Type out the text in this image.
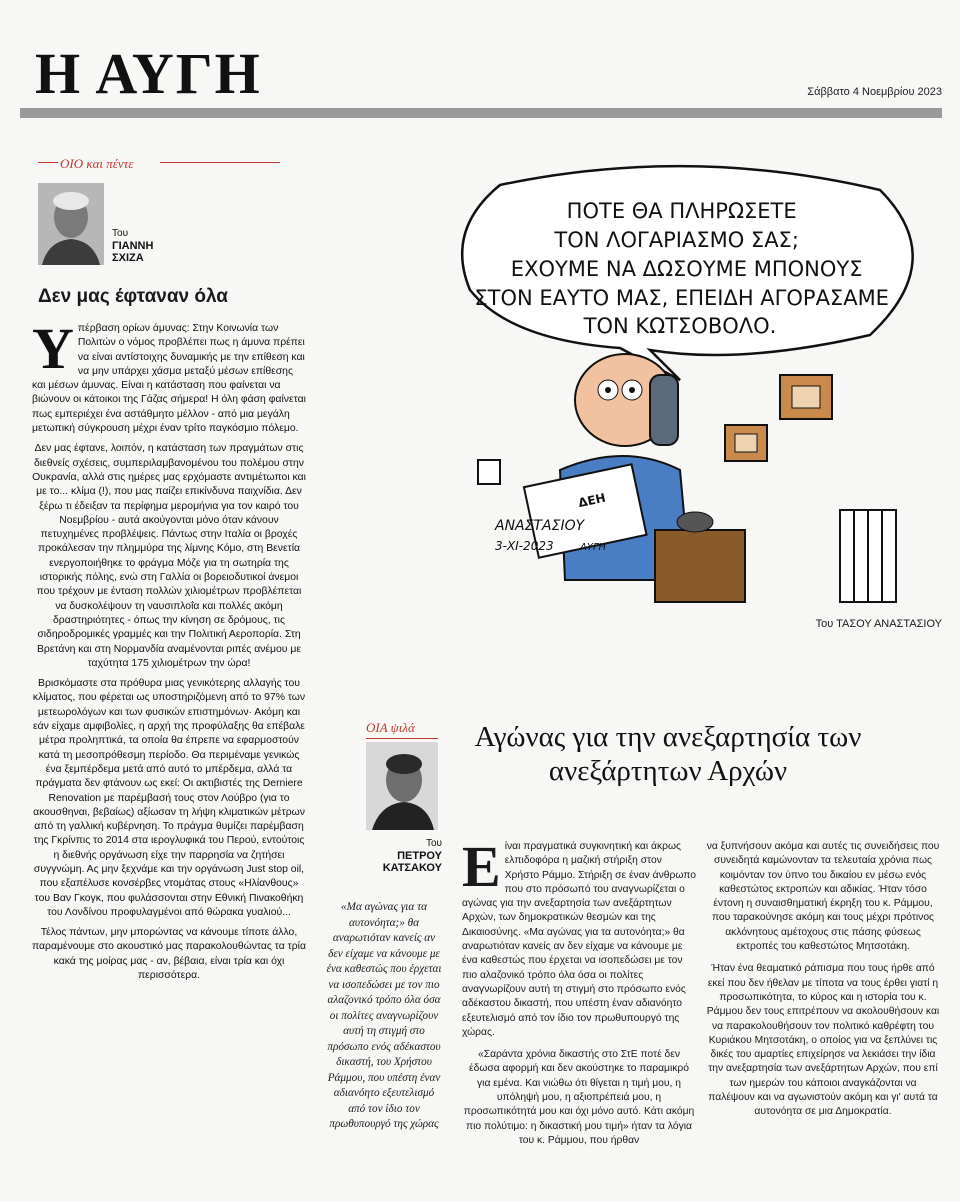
Η ΑΥΓΗ	Σάββατο 4 Νοεμβρίου 2023
ΟΙΟ και πέντε
Του
ΓΙΑΝΝΗ
ΣΧΙΖΑ
Δεν μας έφταναν όλα

Υπέρβαση ορίων άμυνας: Στην Κοινωνία των Πολιτών ο νόμος προβλέπει πως η άμυνα πρέπει να είναι αντίστοιχης δυναμικής με την επίθεση και να μην υπάρχει χάσμα μεταξύ μέσων επίθεσης και μέσων άμυνας. Είναι η κατάσταση που φαίνεται να βιώνουν οι κάτοικοι της Γάζας σήμερα! Η όλη φάση φαίνεται πως εμπεριέχει ένα αστάθμητο μέλλον - από μια μεγάλη μετωπική σύγκρουση μέχρι έναν τρίτο παγκόσμιο πόλεμο.

Δεν μας έφτανε, λοιπόν, η κατάσταση των πραγμάτων στις διεθνείς σχέσεις, συμπεριλαμβανομένου του πολέμου στην Ουκρανία, αλλά στις ημέρες μας ερχόμαστε αντιμέτωποι και με το... κλίμα (!), που μας παίζει επικίνδυνα παιχνίδια. Δεν ξέρω τι έδειξαν τα περίφημα μερομήνια για τον καιρό του Νοεμβρίου - αυτά ακούγονται μόνο όταν κάνουν πετυχημένες προβλέψεις. Πάντως στην Ιταλία οι βροχές προκάλεσαν την πλημμύρα της λίμνης Κόμο, στη Βενετία ενεργοποιήθηκε το φράγμα Μόζε για τη σωτηρία της ιστορικής πόλης, ενώ στη Γαλλία οι βορειοδυτικοί άνεμοι που τρέχουν με ένταση πολλών χιλιομέτρων προβλέπεται να δυσκολέψουν τη ναυσιπλοΐα και πολλές ακόμη δραστηριότητες - όπως την κίνηση σε δρόμους, τις σιδηροδρομικές γραμμές και την Πολιτική Αεροπορία. Στη Βρετάνη και στη Νορμανδία αναμένονται ριπές ανέμου με ταχύτητα 175 χιλιομέτρων την ώρα!

Βρισκόμαστε στα πρόθυρα μιας γενικότερης αλλαγής του κλίματος, που φέρεται ως υποστηριζόμενη από το 97% των μετεωρολόγων και των φυσικών επιστημόνων· Ακόμη και εάν είχαμε αμφιβολίες, η αρχή της προφύλαξης θα επέβαλε μέτρα προληπτικά, τα οποία θα έπρεπε να εφαρμοστούν κατά τη μεσοπρόθεσμη περίοδο. Θα περιμέναμε γενικώς ένα ξεμπέρδεμα μετά από αυτό το μπέρδεμα, αλλά τα πράγματα δεν φτάνουν ως εκεί: Οι ακτιβιστές της Derniere Renovation με παρέμβασή τους στον Λούβρο (για το ακουσθηναι, βεβαίως) αξίωσαν τη λήψη κλιματικών μέτρων από τη γαλλική κυβέρνηση. Το πράγμα θυμίζει παρέμβαση της Γκρίνπις το 2014 στα ιερογλυφικά του Περού, εντούτοις η διεθνής οργάνωση είχε την παρρησία να ζητήσει συγγνώμη. Ας μην ξεχνάμε και την οργάνωση Just stop oil, που εξαπέλυσε κονσέρβες ντομάτας στους «Ηλίανθους» του Βαν Γκογκ, που φυλάσσονται στην Εθνική Πινακοθήκη του Λονδίνου προφυλαγμένοι από θώρακα γυαλιού...

Τέλος πάντων, μην μπορώντας να κάνουμε τίποτε άλλο, παραμένουμε στο ακουστικό μας παρακολουθώντας τα τρία κακά της μοίρας μας - αν, βέβαια, είναι τρία και όχι περισσότερα.

ΠΟΤΕ ΘΑ ΠΛΗΡΩΣΕΤΕ ΤΟΝ ΛΟΓΑΡΙΑΣΜΟ ΣΑΣ; ΕΧΟΥΜΕ ΝΑ ΔΩΣΟΥΜΕ ΜΠΟΝΟΥΣ ΣΤΟΝ ΕΑΥΤΟ ΜΑΣ, ΕΠΕΙΔΗ ΑΓΟΡΑΣΑΜΕ ΤΟΝ ΚΩΤΣΟΒΟΛΟ.
ΔΕΗ
ΑΝΑΣΤΑΣΙΟΥ
3-ΧΙ-2023	ΑΥΓΗ
Του ΤΑΣΟΥ ΑΝΑΣΤΑΣΙΟΥ
ΟΙΑ ψιλά	Αγώνας για την ανεξαρτησία των ανεξάρτητων Αρχών
Του
ΠΕΤΡΟΥ
ΚΑΤΣΑΚΟΥ
«Μα αγώνας για τα αυτονόητα;» θα αναρωτιόταν κανείς αν δεν είχαμε να κάνουμε με ένα καθεστώς που έρχεται να ισοπεδώσει με τον πιο αλαζονικό τρόπο όλα όσα οι πολίτες αναγνωρίζουν αυτή τη στιγμή στο πρόσωπο ενός αδέκαστου δικαστή, του Χρήστου Ράμμου, που υπέστη έναν αδιανόητο εξευτελισμό από τον ίδιο τον πρωθυπουργό της χώρας

Είναι πραγματικά συγκινητική και άκρως ελπιδοφόρα η μαζική στήριξη στον Χρήστο Ράμμο. Στήριξη σε έναν άνθρωπο που στο πρόσωπό του αναγνωρίζεται ο αγώνας για την ανεξαρτησία των ανεξάρτητων Αρχών, των δημοκρατικών θεσμών και της Δικαιοσύνης. «Μα αγώνας για τα αυτονόητα;» θα αναρωτιόταν κανείς αν δεν είχαμε να κάνουμε με ένα καθεστώς που έρχεται να ισοπεδώσει με τον πιο αλαζονικό τρόπο όλα όσα οι πολίτες αναγνωρίζουν αυτή τη στιγμή στο πρόσωπο ενός αδέκαστου δικαστή, που υπέστη έναν αδιανόητο εξευτελισμό από τον ίδιο τον πρωθυπουργό της χώρας.

«Σαράντα χρόνια δικαστής στο ΣτΕ ποτέ δεν έδωσα αφορμή και δεν ακούστηκε το παραμικρό για εμένα. Και νιώθω ότι θίγεται η τιμή μου, η υπόληψή μου, η αξιοπρέπειά μου, η προσωπικότητά μου και όχι μόνο αυτό. Κάτι ακόμη πιο πολύτιμο: η δικαστική μου τιμή» ήταν τα λόγια του κ. Ράμμου, που ήρθαν

να ξυπνήσουν ακόμα και αυτές τις συνειδήσεις που συνειδητά καμώνονταν τα τελευταία χρόνια πως κοιμόνταν τον ύπνο του δικαίου εν μέσω ενός καθεστώτος εκτροπών και αδικίας. Ήταν τόσο έντονη η συναισθηματική έκρηξη του κ. Ράμμου, που ταρακούνησε ακόμη και τους μέχρι πρότινος ακλόνητους αμέτοχους στις πάσης φύσεως εκτροπές του καθεστώτος Μητσοτάκη.

Ήταν ένα θεαματικό ράπισμα που τους ήρθε από εκεί που δεν ήθελαν με τίποτα να τους έρθει γιατί η προσωπικότητα, το κύρος και η ιστορία του κ. Ράμμου δεν τους επιτρέπουν να ακολουθήσουν και να παρακολουθήσουν τον πολιτικό καθρέφτη του Κυριάκου Μητσοτάκη, ο οποίος για να ξεπλύνει τις δικές του αμαρτίες επιχείρησε να λεκιάσει την ίδια την ανεξαρτησία των ανεξάρτητων Αρχών, που επί των ημερών του κάποιοι αναγκάζονται να παλέψουν και να αγωνιστούν ακόμη και γι' αυτά τα αυτονόητα σε μια Δημοκρατία.
